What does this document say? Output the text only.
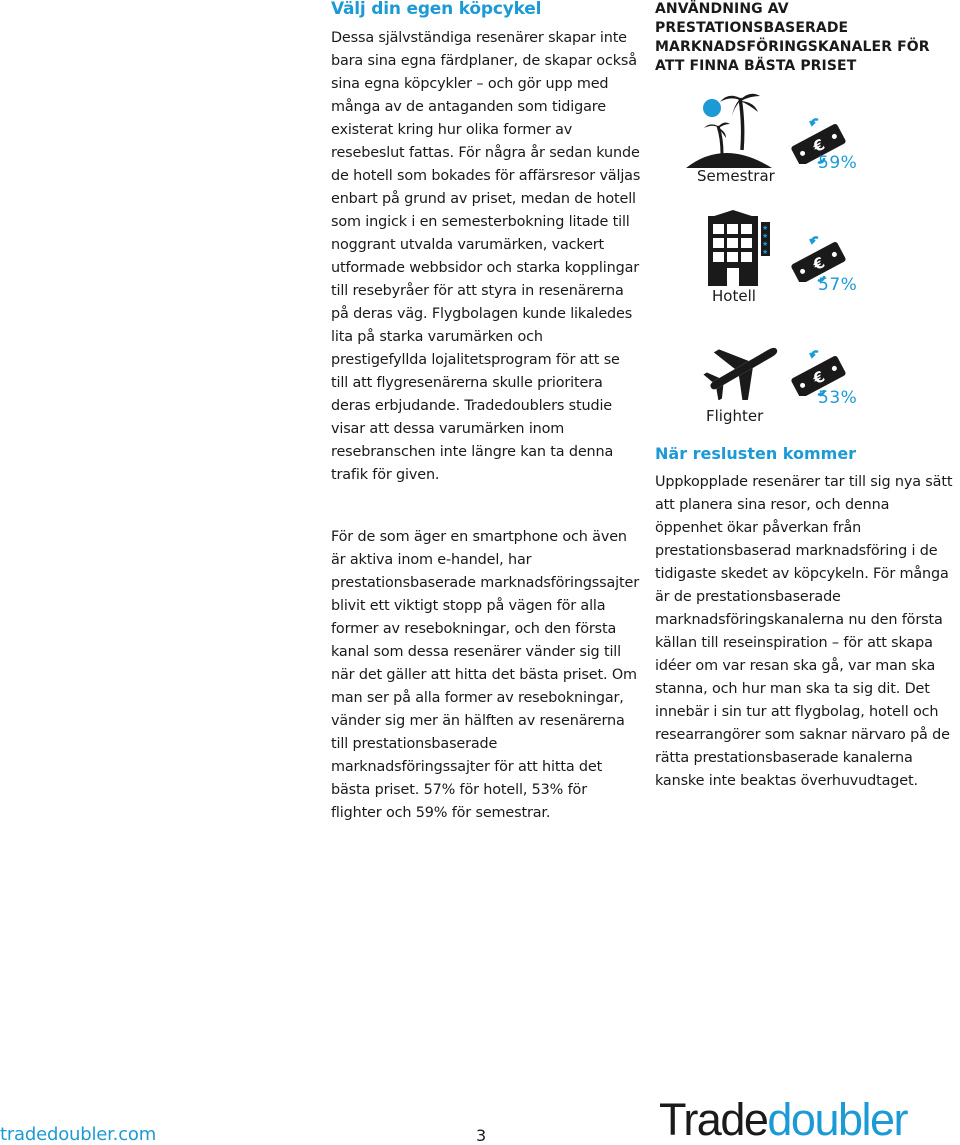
Välj din egen köpcykel

Dessa självständiga resenärer skapar inte bara sina egna färdplaner, de skapar också sina egna köpcykler – och gör upp med många av de antaganden som tidigare existerat kring hur olika former av resebeslut fattas. För några år sedan kunde de hotell som bokades för affärsresor väljas enbart på grund av priset, medan de hotell som ingick i en semesterbokning litade till noggrant utvalda varumärken, vackert utformade webbsidor och starka kopplingar till resebyråer för att styra in resenärerna på deras väg. Flygbolagen kunde likaledes lita på starka varumärken och prestigefyllda lojalitetsprogram för att se till att flygresenärerna skulle prioritera deras erbjudande. Tradedoublers studie visar att dessa varumärken inom resebranschen inte längre kan ta denna trafik för given.

För de som äger en smartphone och även är aktiva inom e-handel, har prestationsbaserade marknadsföringssajter blivit ett viktigt stopp på vägen för alla former av resebokningar, och den första kanal som dessa resenärer vänder sig till när det gäller att hitta det bästa priset. Om man ser på alla former av resebokningar, vänder sig mer än hälften av resenärerna till prestationsbaserade marknadsföringssajter för att hitta det bästa priset. 57% för hotell, 53% för flighter och 59% för semestrar.

ANVÄNDNING AV PRESTATIONSBASERADE MARKNADSFÖRINGSKANALER FÖR ATT FINNA BÄSTA PRISET
Semestrar
€
59%
★
★
★
★
Hotell
€
57%
Flighter
€
53%
När reslusten kommer

Uppkopplade resenärer tar till sig nya sätt att planera sina resor, och denna öppenhet ökar påverkan från prestationsbaserad marknadsföring i de tidigaste skedet av köpcykeln. För många är de prestationsbaserade marknadsföringskanalerna nu den första källan till reseinspiration – för att skapa idéer om var resan ska gå, var man ska stanna, och hur man ska ta sig dit. Det innebär i sin tur att flygbolag, hotell och researrangörer som saknar närvaro på de rätta prestationsbaserade kanalerna kanske inte beaktas överhuvudtaget.

tradedoubler.com	3	Tradedoubler
